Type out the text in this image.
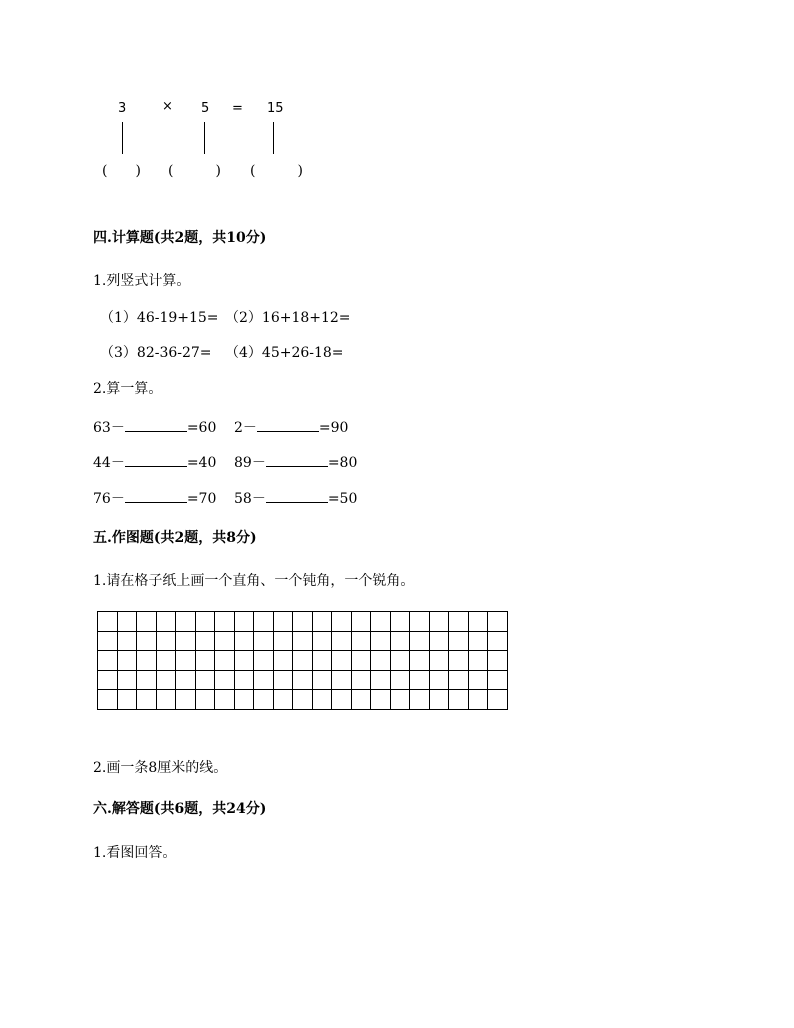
3	× 5 = 15
(　　) (　　　) (　　　)
四.计算题(共2题，共10分)
1.列竖式计算。
（1）46-19+15= （2）16+18+12=
（3）82-36-27= （4）45+26-18=
2.算一算。
63－	=60 2－	=90
44－	=40 89－	=80
76－	=70 58－	=50
五.作图题(共2题，共8分)
1.请在格子纸上画一个直角、一个钝角，一个锐角。

2.画一条8厘米的线。
六.解答题(共6题，共24分)
1.看图回答。
